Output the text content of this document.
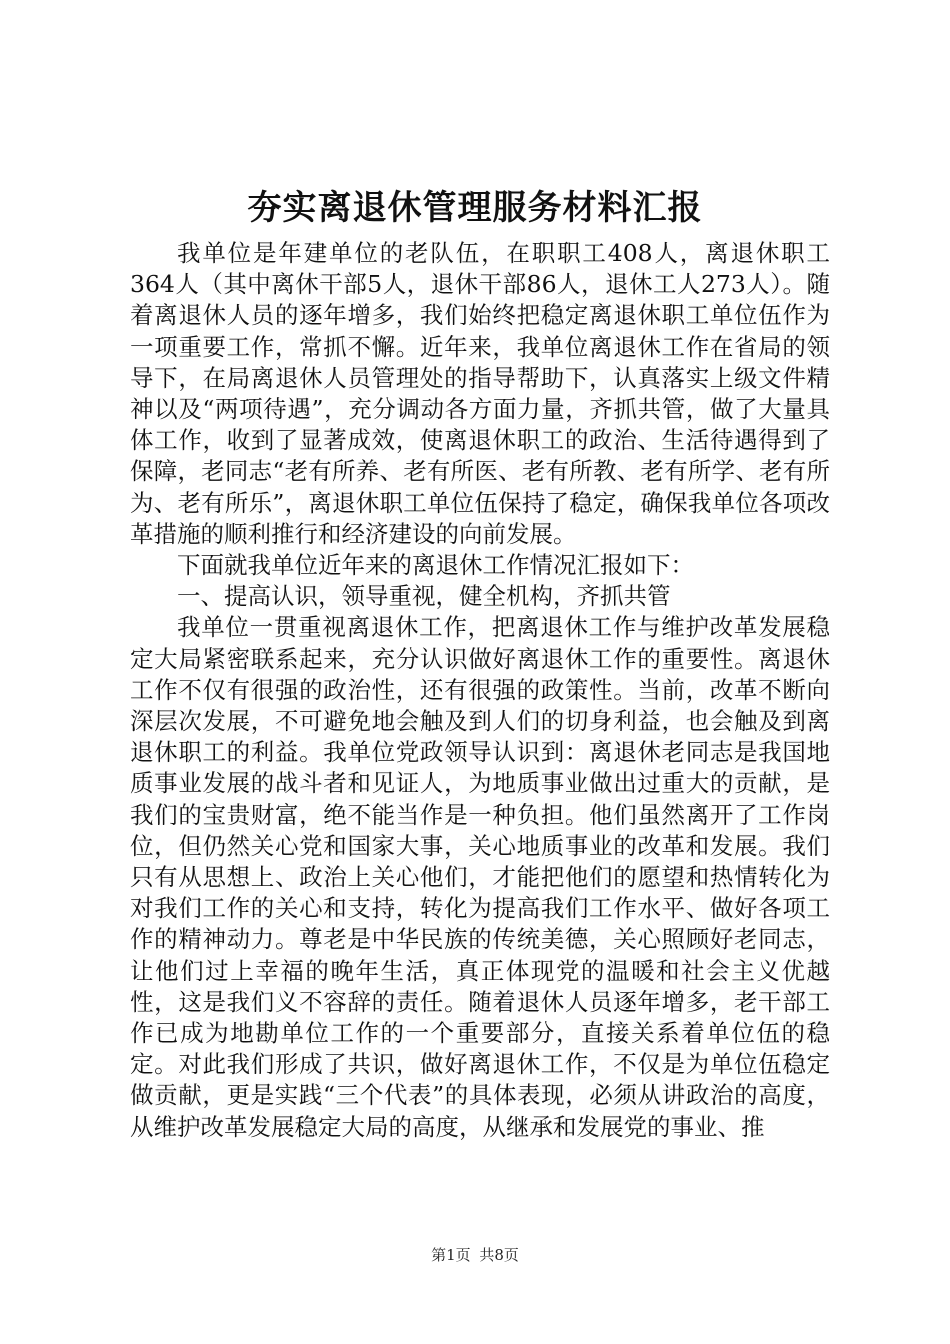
夯实离退休管理服务材料汇报

我单位是年建单位的老队伍，在职职工408人，离退休职工364人（其中离休干部5人，退休干部86人，退休工人273人）。随着离退休人员的逐年增多，我们始终把稳定离退休职工单位伍作为一项重要工作，常抓不懈。近年来，我单位离退休工作在省局的领导下，在局离退休人员管理处的指导帮助下，认真落实上级文件精神以及“两项待遇”，充分调动各方面力量，齐抓共管，做了大量具体工作，收到了显著成效，使离退休职工的政治、生活待遇得到了保障，老同志“老有所养、老有所医、老有所教、老有所学、老有所为、老有所乐”，离退休职工单位伍保持了稳定，确保我单位各项改革措施的顺利推行和经济建设的向前发展。

下面就我单位近年来的离退休工作情况汇报如下：

一、提高认识，领导重视，健全机构，齐抓共管

我单位一贯重视离退休工作，把离退休工作与维护改革发展稳定大局紧密联系起来，充分认识做好离退休工作的重要性。离退休工作不仅有很强的政治性，还有很强的政策性。当前，改革不断向深层次发展，不可避免地会触及到人们的切身利益，也会触及到离退休职工的利益。我单位党政领导认识到：离退休老同志是我国地质事业发展的战斗者和见证人，为地质事业做出过重大的贡献，是我们的宝贵财富，绝不能当作是一种负担。他们虽然离开了工作岗位，但仍然关心党和国家大事，关心地质事业的改革和发展。我们只有从思想上、政治上关心他们，才能把他们的愿望和热情转化为对我们工作的关心和支持，转化为提高我们工作水平、做好各项工作的精神动力。尊老是中华民族的传统美德，关心照顾好老同志，让他们过上幸福的晚年生活，真正体现党的温暖和社会主义优越性，这是我们义不容辞的责任。随着退休人员逐年增多，老干部工作已成为地勘单位工作的一个重要部分，直接关系着单位伍的稳定。对此我们形成了共识，做好离退休工作，不仅是为单位伍稳定做贡献，更是实践“三个代表”的具体表现，必须从讲政治的高度，从维护改革发展稳定大局的高度，从继承和发展党的事业、推

第1页 共8页
